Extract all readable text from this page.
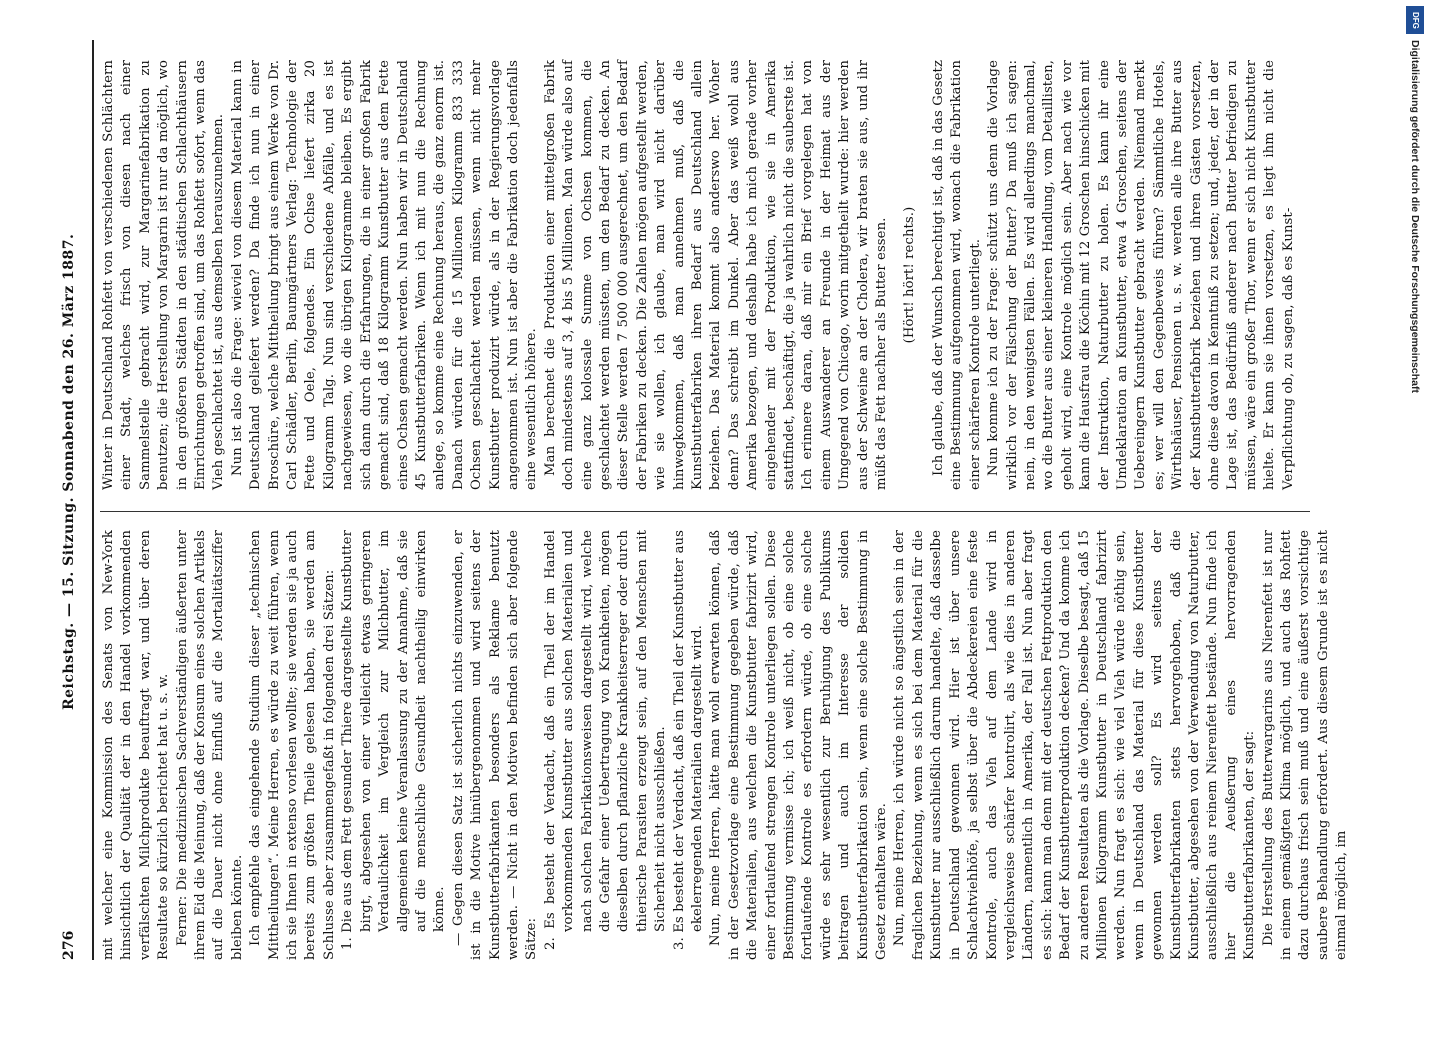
276
Reichstag. — 15. Sitzung. Sonnabend den 26. März 1887.

mit welcher eine Kommission des Senats von New-York hinsichtlich der Qualität der in den Handel vorkommenden verfälschten Milchprodukte beauftragt war, und über deren Resultate so kürzlich berichtet hat u. s. w. Ferner: Die medizinischen Sachverständigen äußerten unter ihrem Eid die Meinung, daß der Konsum eines solchen Artikels auf die Dauer nicht ohne Einfluß auf die Mortalitätsziffer bleiben könnte. Ich empfehle das eingehende Studium dieser „technischen Mittheilungen“. Meine Herren, es würde zu weit führen, wenn ich sie Ihnen in extenso vorlesen wollte; sie werden sie ja auch bereits zum größten Theile gelesen haben, sie werden am Schlusse aber zusammengefaßt in folgenden drei Sätzen: 1. Die aus dem Fett gesunder Thiere dargestellte Kunstbutter birgt, abgesehen von einer vielleicht etwas geringeren Verdaulichkeit im Vergleich zur Milchbutter, im allgemeinen keine Veranlassung zu der Annahme, daß sie auf die menschliche Gesundheit nachtheilig einwirken könne. — Gegen diesen Satz ist sicherlich nichts einzuwenden, er ist in die Motive hinübergenommen und wird seitens der Kunstbutterfabrikanten besonders als Reklame benutzt werden. — Nicht in den Motiven befinden sich aber folgende Sätze: 2. Es besteht der Verdacht, daß ein Theil der im Handel vorkommenden Kunstbutter aus solchen Materialien und nach solchen Fabrikationsweisen dargestellt wird, welche die Gefahr einer Uebertragung von Krankheiten, mögen dieselben durch pflanzliche Krankheitserreger oder durch thierische Parasiten erzeugt sein, auf den Menschen mit Sicherheit nicht ausschließen. 3. Es besteht der Verdacht, daß ein Theil der Kunstbutter aus ekelerregenden Materialien dargestellt wird. Nun, meine Herren, hätte man wohl erwarten können, daß in der Gesetzvorlage eine Bestimmung gegeben würde, daß die Materialien, aus welchen die Kunstbutter fabrizirt wird, einer fortlaufend strengen Kontrole unterliegen sollen. Diese Bestimmung vermisse ich; ich weiß nicht, ob eine solche fortlaufende Kontrole es erfordern würde, ob eine solche würde es sehr wesentlich zur Beruhigung des Publikums beitragen und auch im Interesse der soliden Kunstbutterfabrikation sein, wenn eine solche Bestimmung in Gesetz enthalten wäre. Nun, meine Herren, ich würde nicht so ängstlich sein in der fraglichen Beziehung, wenn es sich bei dem Material für die Kunstbutter nur ausschließlich darum handelte, daß dasselbe in Deutschland gewonnen wird. Hier ist über unsere Schlachtviehhöfe, ja selbst über die Abdeckereien eine feste Kontrole, auch das Vieh auf dem Lande wird in vergleichsweise schärfer kontrolirt, als wie dies in anderen Ländern, namentlich in Amerika, der Fall ist. Nun aber fragt es sich: kann man denn mit der deutschen Fettproduktion den Bedarf der Kunstbutterproduktion decken? Und da komme ich zu anderen Resultaten als die Vorlage. Dieselbe besagt, daß 15 Millionen Kilogramm Kunstbutter in Deutschland fabrizirt werden. Nun fragt es sich: wie viel Vieh würde nöthig sein, wenn in Deutschland das Material für diese Kunstbutter gewonnen werden soll? Es wird seitens der Kunstbutterfabrikanten stets hervorgehoben, daß die Kunstbutter, abgesehen von der Verwendung von Naturbutter, ausschließlich aus reinem Nierenfett bestände. Nun finde ich hier die Aeußerung eines hervorragenden Kunstbutterfabrikanten, der sagt: Die Herstellung des Butterwargarins aus Nierenfett ist nur in einem gemäßigten Klima möglich, und auch das Rohfett dazu durchaus frisch sein muß und eine äußerst vorsichtige saubere Behandlung erfordert. Aus diesem Grunde ist es nicht einmal möglich, im

Winter in Deutschland Rohfett von verschiedenen Schlächtern einer Stadt, welches frisch von diesen nach einer Sammelstelle gebracht wird, zur Margarinefabrikation zu benutzen; die Herstellung von Margarin ist nur da möglich, wo in den größeren Städten in den städtischen Schlachthäusern Einrichtungen getroffen sind, um das Rohfett sofort, wenn das Vieh geschlachtet ist, aus demselben herauszunehmen. Nun ist also die Frage: wieviel von diesem Material kann in Deutschland geliefert werden? Da finde ich nun in einer Broschüre, welche Mittheilung bringt aus einem Werke von Dr. Carl Schädler, Berlin, Baumgärtners Verlag: Technologie der Fette und Oele, folgendes. Ein Ochse liefert zirka 20 Kilogramm Talg. Nun sind verschiedene Abfälle, und es ist nachgewiesen, wo die übrigen Kilogramme bleiben. Es ergibt sich dann durch die Erfahrungen, die in einer großen Fabrik gemacht sind, daß 18 Kilogramm Kunstbutter aus dem Fette eines Ochsen gemacht werden. Nun haben wir in Deutschland 45 Kunstbutterfabriken. Wenn ich mit nun die Rechnung anlege, so komme eine Rechnung heraus, die ganz enorm ist. Danach würden für die 15 Millionen Kilogramm 833 333 Ochsen geschlachtet werden müssen, wenn nicht mehr Kunstbutter produzirt würde, als in der Regierungsvorlage angenommen ist. Nun ist aber die Fabrikation doch jedenfalls eine wesentlich höhere. Man berechnet die Produktion einer mittelgroßen Fabrik doch mindestens auf 3, 4 bis 5 Millionen. Man würde also auf eine ganz kolossale Summe von Ochsen kommen, die geschlachtet werden müssten, um den Bedarf zu decken. An dieser Stelle werden 7 500 000 ausgerechnet, um den Bedarf der Fabriken zu decken. Die Zahlen mögen aufgestellt werden, wie sie wollen, ich glaube, man wird nicht darüber hinwegkommen, daß man annehmen muß, daß die Kunstbutterfabriken ihren Bedarf aus Deutschland allein beziehen. Das Material kommt also anderswo her. Woher denn? Das schreibt im Dunkel. Aber das weiß wohl aus Amerika bezogen, und deshalb habe ich mich gerade vorher eingehender mit der Produktion, wie sie in Amerika stattfindet, beschäftigt, die ja wahrlich nicht die sauberste ist. Ich erinnere daran, daß mir ein Brief vorgelegen hat von einem Auswanderer an Freunde in der Heimat aus der Umgegend von Chicago, worin mitgetheilt wurde: hier werden aus der Schweine an der Cholera, wir braten sie aus, und ihr müßt das Fett nachher als Butter essen. (Hört! hört! rechts.) Ich glaube, daß der Wunsch berechtigt ist, daß in das Gesetz eine Bestimmung aufgenommen wird, wonach die Fabrikation einer schärferen Kontrole unterliegt. Nun komme ich zu der Frage: schützt uns denn die Vorlage wirklich vor der Fälschung der Butter? Da muß ich sagen: nein, in den wenigsten Fällen. Es wird allerdings manchmal, wo die Butter aus einer kleineren Handlung, vom Detaillisten, geholt wird, eine Kontrole möglich sein. Aber nach wie vor kann die Hausfrau die Köchin mit 12 Groschen hinschicken mit der Instruktion, Naturbutter zu holen. Es kann ihr eine Umdeklaration an Kunstbutter, etwa 4 Groschen, seitens der Uebereingern Kunstbutter gebracht werden. Niemand merkt es; wer will den Gegenbeweis führen? Sämmtliche Hotels, Wirthshäuser, Pensionen u. s. w. werden alle ihre Butter aus der Kunstbutterfabrik beziehen und ihren Gästen vorsetzen, ohne diese davon in Kenntniß zu setzen; und, jeder, der in der Lage ist, das Bedürfniß anderer nach Butter befriedigen zu müssen, wäre ein großer Thor, wenn er sich nicht Kunstbutter hielte. Er kann sie ihnen vorsetzen, es liegt ihm nicht die Verpflichtung ob, zu sagen, daß es Kunst-	Digitalisierung gefördert durch die Deutsche Forschungsgemeinschaft
DFG
